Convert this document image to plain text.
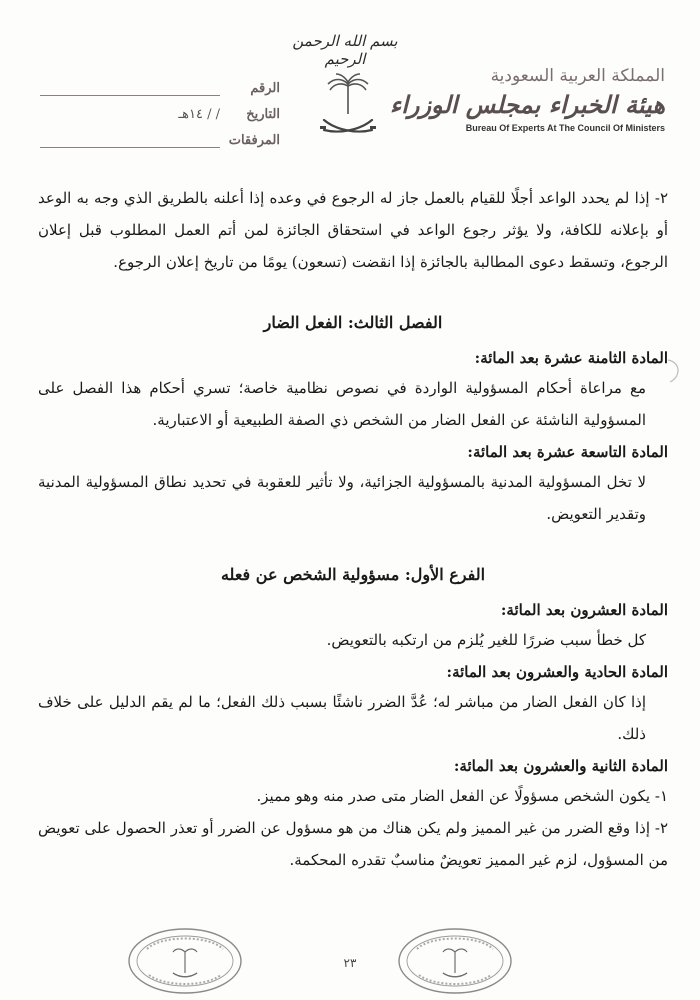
بسم الله الرحمن الرحيم
المملكة العربية السعودية
هيئة الخبراء بمجلس الوزراء
Bureau Of Experts At The Council Of Ministers
الرقم
التاريخ
/ / ١٤هـ
المرفقات

٢- إذا لم يحدد الواعد أجلًا للقيام بالعمل جاز له الرجوع في وعده إذا أعلنه بالطريق الذي وجه به الوعد أو بإعلانه للكافة، ولا يؤثر رجوع الواعد في استحقاق الجائزة لمن أتم العمل المطلوب قبل إعلان الرجوع، وتسقط دعوى المطالبة بالجائزة إذا انقضت (تسعون) يومًا من تاريخ إعلان الرجوع.

الفصل الثالث: الفعل الضار
المادة الثامنة عشرة بعد المائة:

مع مراعاة أحكام المسؤولية الواردة في نصوص نظامية خاصة؛ تسري أحكام هذا الفصل على المسؤولية الناشئة عن الفعل الضار من الشخص ذي الصفة الطبيعية أو الاعتبارية.

المادة التاسعة عشرة بعد المائة:

لا تخل المسؤولية المدنية بالمسؤولية الجزائية، ولا تأثير للعقوبة في تحديد نطاق المسؤولية المدنية وتقدير التعويض.

الفرع الأول: مسؤولية الشخص عن فعله
المادة العشرون بعد المائة:

كل خطأ سبب ضررًا للغير يُلزم من ارتكبه بالتعويض.

المادة الحادية والعشرون بعد المائة:

إذا كان الفعل الضار من مباشر له؛ عُدَّ الضرر ناشئًا بسبب ذلك الفعل؛ ما لم يقم الدليل على خلاف ذلك.

المادة الثانية والعشرون بعد المائة:

١- يكون الشخص مسؤولًا عن الفعل الضار متى صدر منه وهو مميز.

٢- إذا وقع الضرر من غير المميز ولم يكن هناك من هو مسؤول عن الضرر أو تعذر الحصول على تعويض من المسؤول، لزم غير المميز تعويضٌ مناسبٌ تقدره المحكمة.

٢٣
